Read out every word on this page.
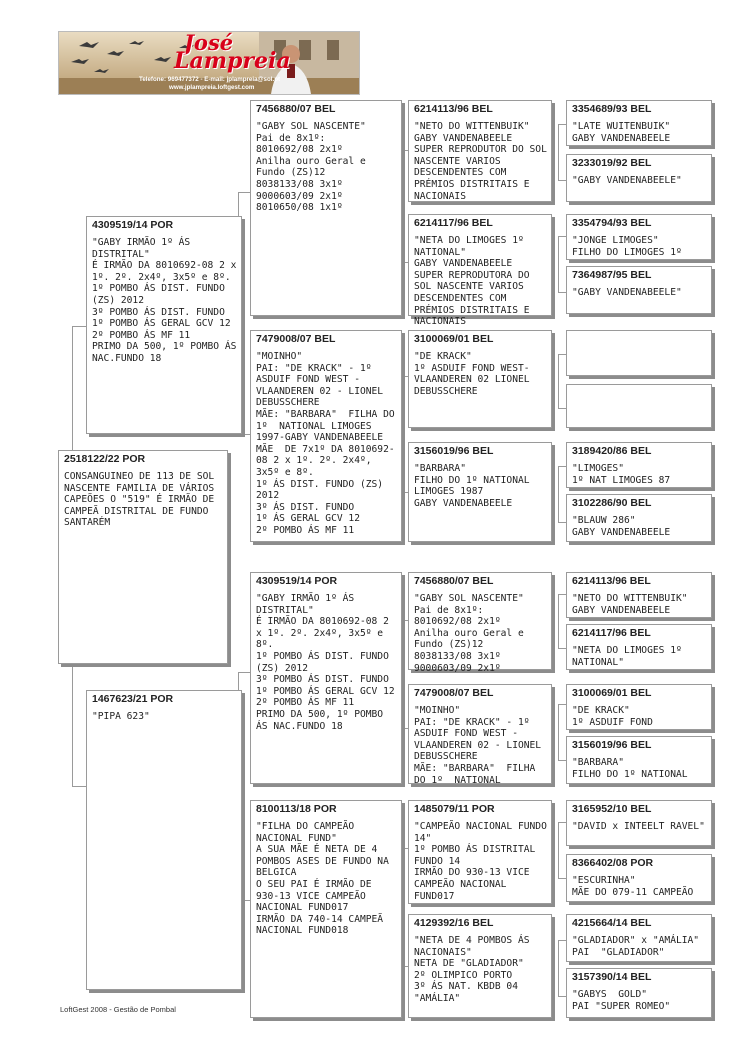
José
Lampreia
Telefone: 969477372 - E-mail: jplampreia@sol.pt
www.jplampreia.loftgest.com
2518122/22 POR
CONSANGUINEO DE 113 DE SOL NASCENTE FAMILIA DE VÁRIOS CAPEÕES O "519" É IRMÃO DE CAMPEÃ DISTRITAL DE FUNDO SANTARÉM
4309519/14 POR
"GABY IRMÃO 1º ÁS DISTRITAL"
É IRMÃO DA 8010692-08 2 x 1º. 2º. 2x4º, 3x5º e 8º.
1º POMBO ÁS DIST. FUNDO (ZS) 2012
3º POMBO ÁS DIST. FUNDO
1º POMBO ÁS GERAL GCV 12
2º POMBO ÁS MF 11
PRIMO DA 500, 1º POMBO ÁS NAC.FUNDO 18
1467623/21 POR
"PIPA 623"
7456880/07 BEL
"GABY SOL NASCENTE"
Pai de 8x1º:
8010692/08 2x1º
Anilha ouro Geral e Fundo (ZS)12
8038133/08 3x1º
9000603/09 2x1º
8010650/08 1x1º
7479008/07 BEL
"MOINHO"
PAI: "DE KRACK" - 1º ASDUIF FOND WEST -VLAANDEREN 02 - LIONEL DEBUSSCHERE
MÃE: "BARBARA"  FILHA DO 1º  NATIONAL LIMOGES 1997-GABY VANDENABEELE
MÃE  DE 7x1º DA 8010692-08 2 x 1º. 2º. 2x4º, 3x5º e 8º.
1º ÁS DIST. FUNDO (ZS) 2012
3º ÁS DIST. FUNDO
1º ÁS GERAL GCV 12
2º POMBO ÁS MF 11
4309519/14 POR
"GABY IRMÃO 1º ÁS DISTRITAL"
É IRMÃO DA 8010692-08 2 x 1º. 2º. 2x4º, 3x5º e 8º.
1º POMBO ÁS DIST. FUNDO (ZS) 2012
3º POMBO ÁS DIST. FUNDO
1º POMBO ÁS GERAL GCV 12
2º POMBO ÁS MF 11
PRIMO DA 500, 1º POMBO ÁS NAC.FUNDO 18
8100113/18 POR
"FILHA DO CAMPEÃO NACIONAL FUND"
A SUA MÃE É NETA DE 4 POMBOS ASES DE FUNDO NA BELGICA
O SEU PAI É IRMÃO DE 930-13 VICE CAMPEÃO NACIONAL FUND017
IRMÃO DA 740-14 CAMPEÃ NACIONAL FUND018
6214113/96 BEL
"NETO DO WITTENBUIK"
GABY VANDENABEELE
SUPER REPRODUTOR DO SOL NASCENTE VARIOS DESCENDENTES COM PRÉMIOS DISTRITAIS E NACIONAIS
6214117/96 BEL
"NETA DO LIMOGES 1º NATIONAL"
GABY VANDENABEELE
SUPER REPRODUTORA DO SOL NASCENTE VARIOS DESCENDENTES COM PRÉMIOS DISTRITAIS E NACIONAIS
3100069/01 BEL
"DE KRACK"
1º ASDUIF FOND WEST-VLAANDEREN 02 LIONEL DEBUSSCHERE
3156019/96 BEL
"BARBARA"
FILHO DO 1º NATIONAL LIMOGES 1987
GABY VANDENABEELE
7456880/07 BEL
"GABY SOL NASCENTE"
Pai de 8x1º:
8010692/08 2x1º
Anilha ouro Geral e Fundo (ZS)12
8038133/08 3x1º
9000603/09 2x1º
7479008/07 BEL
"MOINHO"
PAI: "DE KRACK" - 1º ASDUIF FOND WEST -VLAANDEREN 02 - LIONEL DEBUSSCHERE
MÃE: "BARBARA"  FILHA DO 1º  NATIONAL
1485079/11 POR
"CAMPEÃO NACIONAL FUNDO 14"
1º POMBO ÁS DISTRITAL FUNDO 14
IRMÃO DO 930-13 VICE CAMPEÃO NACIONAL FUND017
4129392/16 BEL
"NETA DE 4 POMBOS ÁS NACIONAIS"
NETA DE "GLADIADOR"
2º OLIMPICO PORTO
3º ÁS NAT. KBDB 04
"AMÁLIA"
3354689/93 BEL
"LATE WUITENBUIK"
GABY VANDENABEELE
3233019/92 BEL
"GABY VANDENABEELE"
3354794/93 BEL
"JONGE LIMOGES"
FILHO DO LIMOGES 1º
7364987/95 BEL
"GABY VANDENABEELE"
3189420/86 BEL
"LIMOGES"
1º NAT LIMOGES 87
3102286/90 BEL
"BLAUW 286"
GABY VANDENABEELE
6214113/96 BEL
"NETO DO WITTENBUIK"
GABY VANDENABEELE
6214117/96 BEL
"NETA DO LIMOGES 1º NATIONAL"
3100069/01 BEL
"DE KRACK"
1º ASDUIF FOND
3156019/96 BEL
"BARBARA"
FILHO DO 1º NATIONAL
3165952/10 BEL
"DAVID x INTEELT RAVEL"
8366402/08 POR
"ESCURINHA"
MÃE DO 079-11 CAMPEÃO
4215664/14 BEL
"GLADIADOR" x "AMÁLIA"
PAI  "GLADIADOR"
3157390/14 BEL
"GABYS  GOLD"
PAI "SUPER ROMEO"
LoftGest 2008 - Gestão de Pombal
